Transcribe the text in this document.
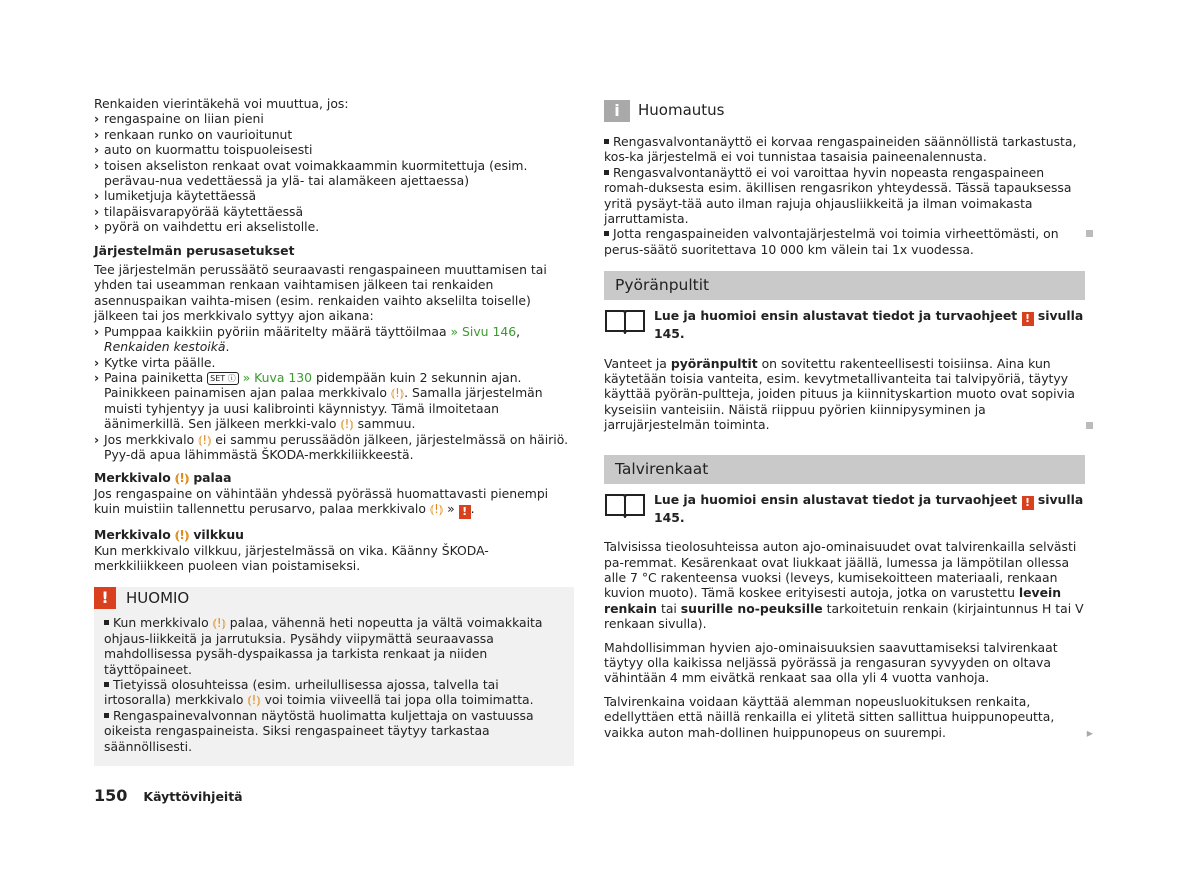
Renkaiden vierintäkehä voi muuttua, jos:

› rengaspaine on liian pieni
› renkaan runko on vaurioitunut
› auto on kuormattu toispuoleisesti
› toisen akseliston renkaat ovat voimakkaammin kuormitettuja (esim. perävau-nua vedettäessä ja ylä- tai alamäkeen ajettaessa)
› lumiketjuja käytettäessä
› tilapäisvarapyörää käytettäessä
› pyörä on vaihdettu eri akselistolle.

Järjestelmän perusasetukset

Tee järjestelmän perussäätö seuraavasti rengaspaineen muuttamisen tai yhden tai useamman renkaan vaihtamisen jälkeen tai renkaiden asennuspaikan vaihta-misen (esim. renkaiden vaihto akselilta toiselle) jälkeen tai jos merkkivalo syttyy ajon aikana:

› Pumppaa kaikkiin pyöriin määritelty määrä täyttöilmaa » Sivu 146, Renkaiden kestoikä.
› Kytke virta päälle.
› Paina painiketta SET ⓘ » Kuva 130 pidempään kuin 2 sekunnin ajan. Painikkeen painamisen ajan palaa merkkivalo ⦅!⦆. Samalla järjestelmän muisti tyhjentyy ja uusi kalibrointi käynnistyy. Tämä ilmoitetaan äänimerkillä. Sen jälkeen merkki-valo ⦅!⦆ sammuu.
› Jos merkkivalo ⦅!⦆ ei sammu perussäädön jälkeen, järjestelmässä on häiriö. Pyy-dä apua lähimmästä ŠKODA-merkkiliikkeestä.

Merkkivalo ⦅!⦆ palaa

Jos rengaspaine on vähintään yhdessä pyörässä huomattavasti pienempi kuin muistiin tallennettu perusarvo, palaa merkkivalo ⦅!⦆ » ! .

Merkkivalo ⦅!⦆ vilkkuu

Kun merkkivalo vilkkuu, järjestelmässä on vika. Käänny ŠKODA-merkkiliikkeen puoleen vian poistamiseksi.

!	HUOMIO

Kun merkkivalo ⦅!⦆ palaa, vähennä heti nopeutta ja vältä voimakkaita ohjaus-liikkeitä ja jarrutuksia. Pysähdy viipymättä seuraavassa mahdollisessa pysäh-dyspaikassa ja tarkista renkaat ja niiden täyttöpaineet.

Tietyissä olosuhteissa (esim. urheilullisessa ajossa, talvella tai irtosoralla) merkkivalo ⦅!⦆ voi toimia viiveellä tai jopa olla toimimatta.

Rengaspainevalvonnan näytöstä huolimatta kuljettaja on vastuussa oikeista rengaspaineista. Siksi rengaspaineet täytyy tarkastaa säännöllisesti.

i	Huomautus

Rengasvalvontanäyttö ei korvaa rengaspaineiden säännöllistä tarkastusta, kos-ka järjestelmä ei voi tunnistaa tasaisia paineenalennusta.

Rengasvalvontanäyttö ei voi varoittaa hyvin nopeasta rengaspaineen romah-duksesta esim. äkillisen rengasrikon yhteydessä. Tässä tapauksessa yritä pysäyt-tää auto ilman rajuja ohjausliikkeitä ja ilman voimakasta jarruttamista.

Jotta rengaspaineiden valvontajärjestelmä voi toimia virheettömästi, on perus-säätö suoritettava 10 000 km välein tai 1x vuodessa.

Pyöränpultit
Lue ja huomioi ensin alustavat tiedot ja turvaohjeet ! sivulla 145.

Vanteet ja pyöränpultit on sovitettu rakenteellisesti toisiinsa. Aina kun käytetään toisia vanteita, esim. kevytmetallivanteita tai talvipyöriä, täytyy käyttää pyörän-pultteja, joiden pituus ja kiinnityskartion muoto ovat sopivia kyseisiin vanteisiin. Näistä riippuu pyörien kiinnipysyminen ja jarrujärjestelmän toiminta.

Talvirenkaat
Lue ja huomioi ensin alustavat tiedot ja turvaohjeet ! sivulla 145.

Talvisissa tieolosuhteissa auton ajo-ominaisuudet ovat talvirenkailla selvästi pa-remmat. Kesärenkaat ovat liukkaat jäällä, lumessa ja lämpötilan ollessa alle 7 °C rakenteensa vuoksi (leveys, kumisekoitteen materiaali, renkaan kuvion muoto). Tämä koskee erityisesti autoja, jotka on varustettu levein renkain tai suurille no-peuksille tarkoitetuin renkain (kirjaintunnus H tai V renkaan sivulla).

Mahdollisimman hyvien ajo-ominaisuuksien saavuttamiseksi talvirenkaat täytyy olla kaikissa neljässä pyörässä ja rengasuran syvyyden on oltava vähintään 4 mm eivätkä renkaat saa olla yli 4 vuotta vanhoja.

Talvirenkaina voidaan käyttää alemman nopeusluokituksen renkaita, edellyttäen että näillä renkailla ei ylitetä sitten sallittua huippunopeutta, vaikka auton mah-dollinen huippunopeus on suurempi.	▸

150 Käyttövihjeitä
